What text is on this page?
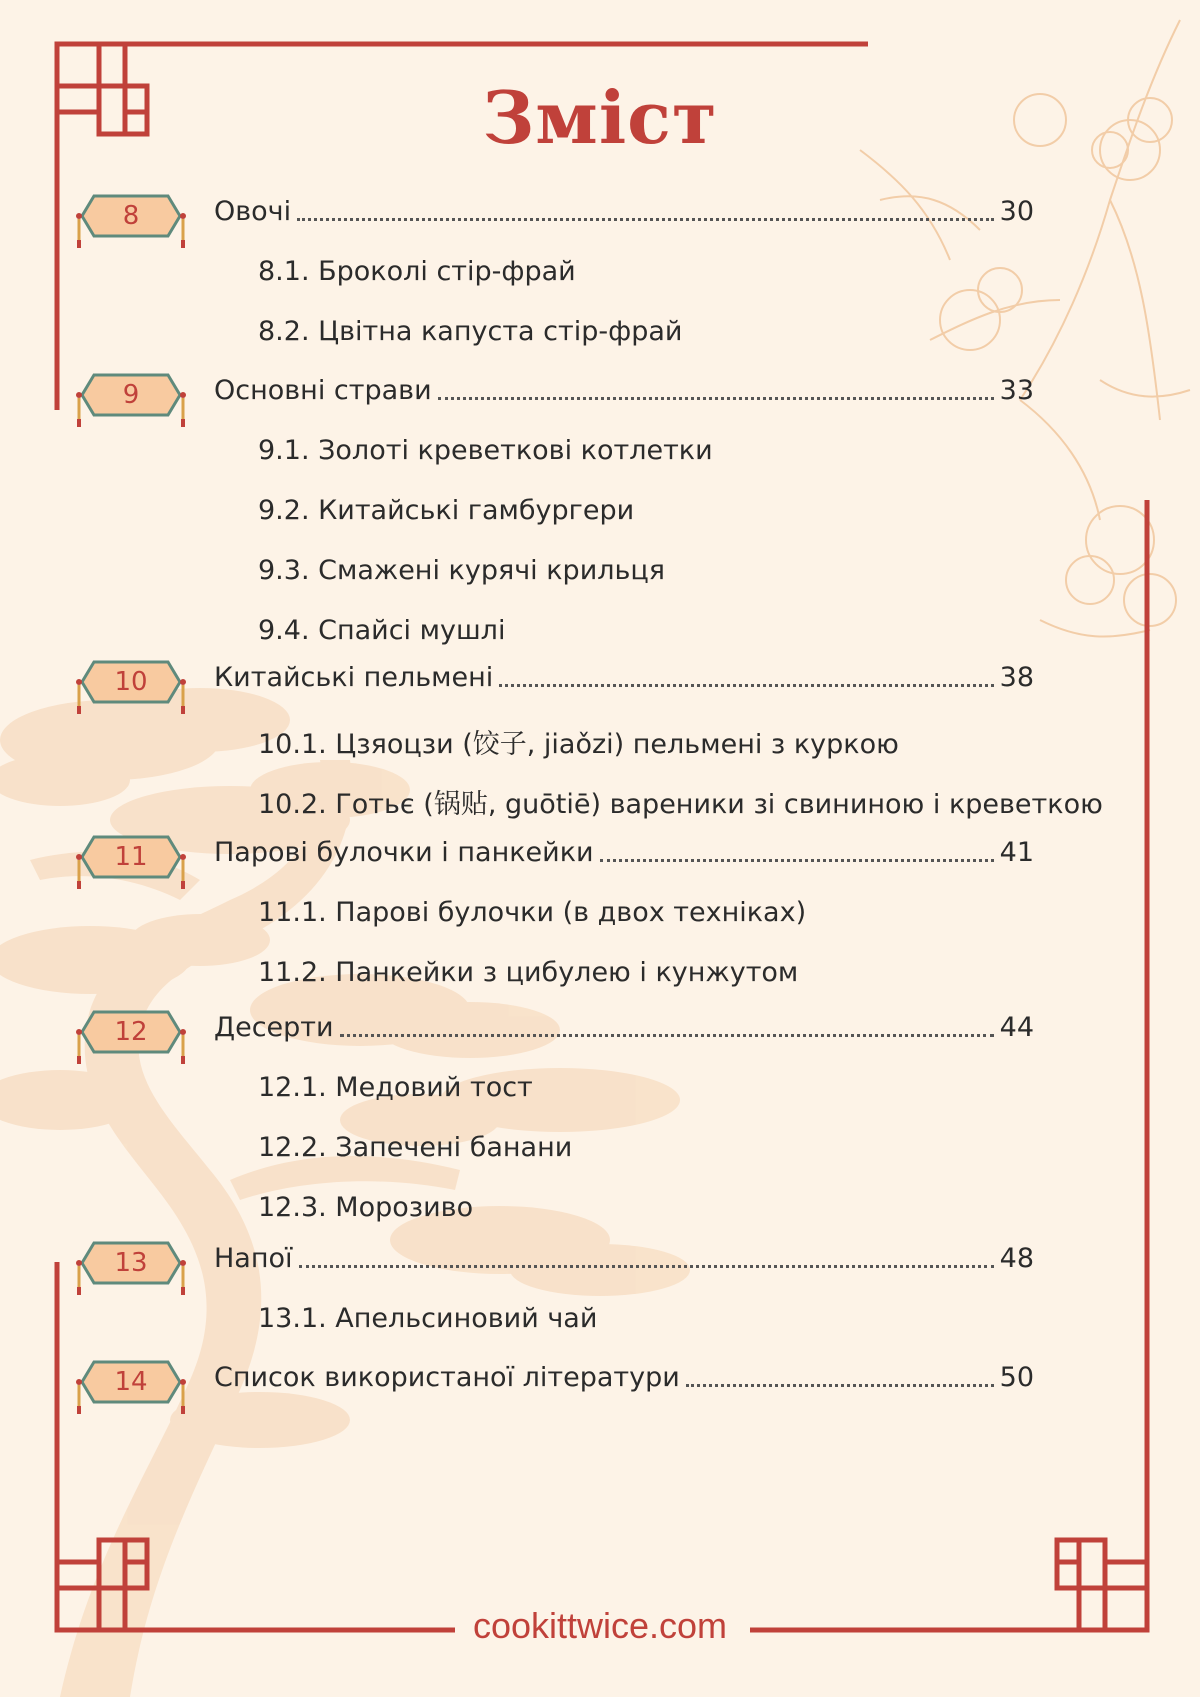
Зміст
8	Овочі	30
8.1. Броколі стір-фрай
8.2. Цвітна капуста стір-фрай
9	Основні страви	33
9.1. Золоті креветкові котлетки
9.2. Китайські гамбургери
9.3. Смажені курячі крильця
9.4. Спайсі мушлі
10	Китайські пельмені	38
10.1. Цзяоцзи (饺子, jiaǒzi) пельмені з куркою
10.2. Готьє (锅贴, guōtiē) вареники зі свининою і креветкою
11	Парові булочки і панкейки	41
11.1. Парові булочки (в двох техніках)
11.2. Панкейки з цибулею і кунжутом
12	Десерти	44
12.1. Медовий тост
12.2. Запечені банани
12.3. Морозиво
13	Напої	48
13.1. Апельсиновий чай
14	Список використаної літератури	50
cookittwice.com
